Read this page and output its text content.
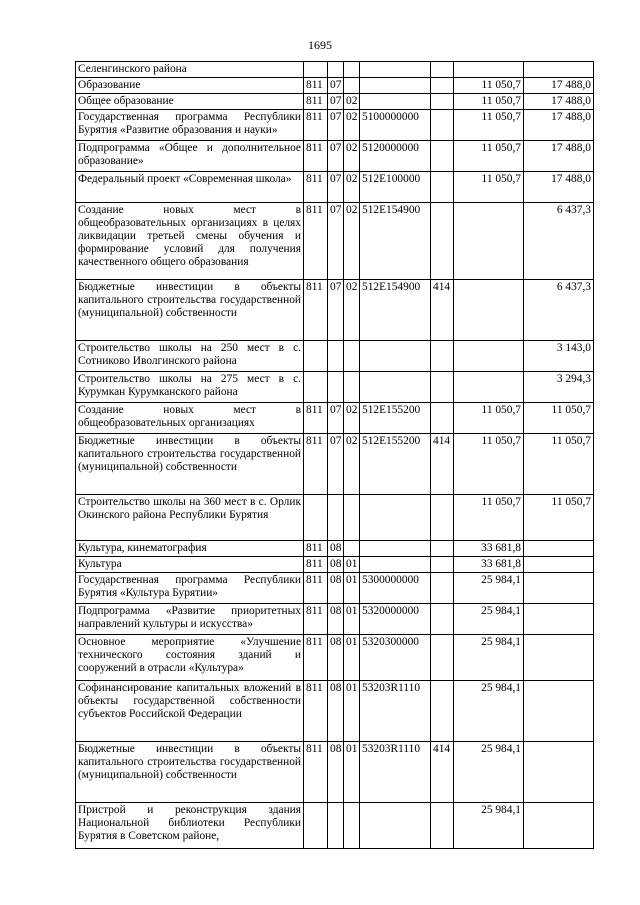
1695
Селенгинского района							
Образование	811	07				11 050,7	17 488,0
Общее образование	811	07	02			11 050,7	17 488,0
Государственная программа Республики Бурятия «Развитие образования и науки»	811	07	02	5100000000		11 050,7	17 488,0
Подпрограмма «Общее и дополнительное образование»	811	07	02	5120000000		11 050,7	17 488,0
Федеральный проект «Современная школа»	811	07	02	512E100000		11 050,7	17 488,0
Создание новых мест в общеобразовательных организациях в целях ликвидации третьей смены обучения и формирование условий для получения качественного общего образования	811	07	02	512E154900			6 437,3
Бюджетные инвестиции в объекты капитального строительства государственной (муниципальной) собственности	811	07	02	512E154900	414		6 437,3
Строительство школы на 250 мест в с. Сотниково Иволгинского района							3 143,0
Строительство школы на 275 мест в с. Курумкан Курумканского района							3 294,3
Создание новых мест в общеобразовательных организациях	811	07	02	512E155200		11 050,7	11 050,7
Бюджетные инвестиции в объекты капитального строительства государственной (муниципальной) собственности	811	07	02	512E155200	414	11 050,7	11 050,7
Строительство школы на 360 мест в с. Орлик Окинского района Республики Бурятия						11 050,7	11 050,7
Культура, кинематография	811	08				33 681,8	
Культура	811	08	01			33 681,8	
Государственная программа Республики Бурятия «Культура Бурятии»	811	08	01	5300000000		25 984,1	
Подпрограмма «Развитие приоритетных направлений культуры и искусства»	811	08	01	5320000000		25 984,1	
Основное мероприятие «Улучшение технического состояния зданий и сооружений в отрасли «Культура»	811	08	01	5320300000		25 984,1	
Софинансирование капитальных вложений в объекты государственной собственности субъектов Российской Федерации	811	08	01	53203R1110		25 984,1	
Бюджетные инвестиции в объекты капитального строительства государственной (муниципальной) собственности	811	08	01	53203R1110	414	25 984,1	
Пристрой и реконструкция здания Национальной библиотеки Республики Бурятия в Советском районе,						25 984,1	
